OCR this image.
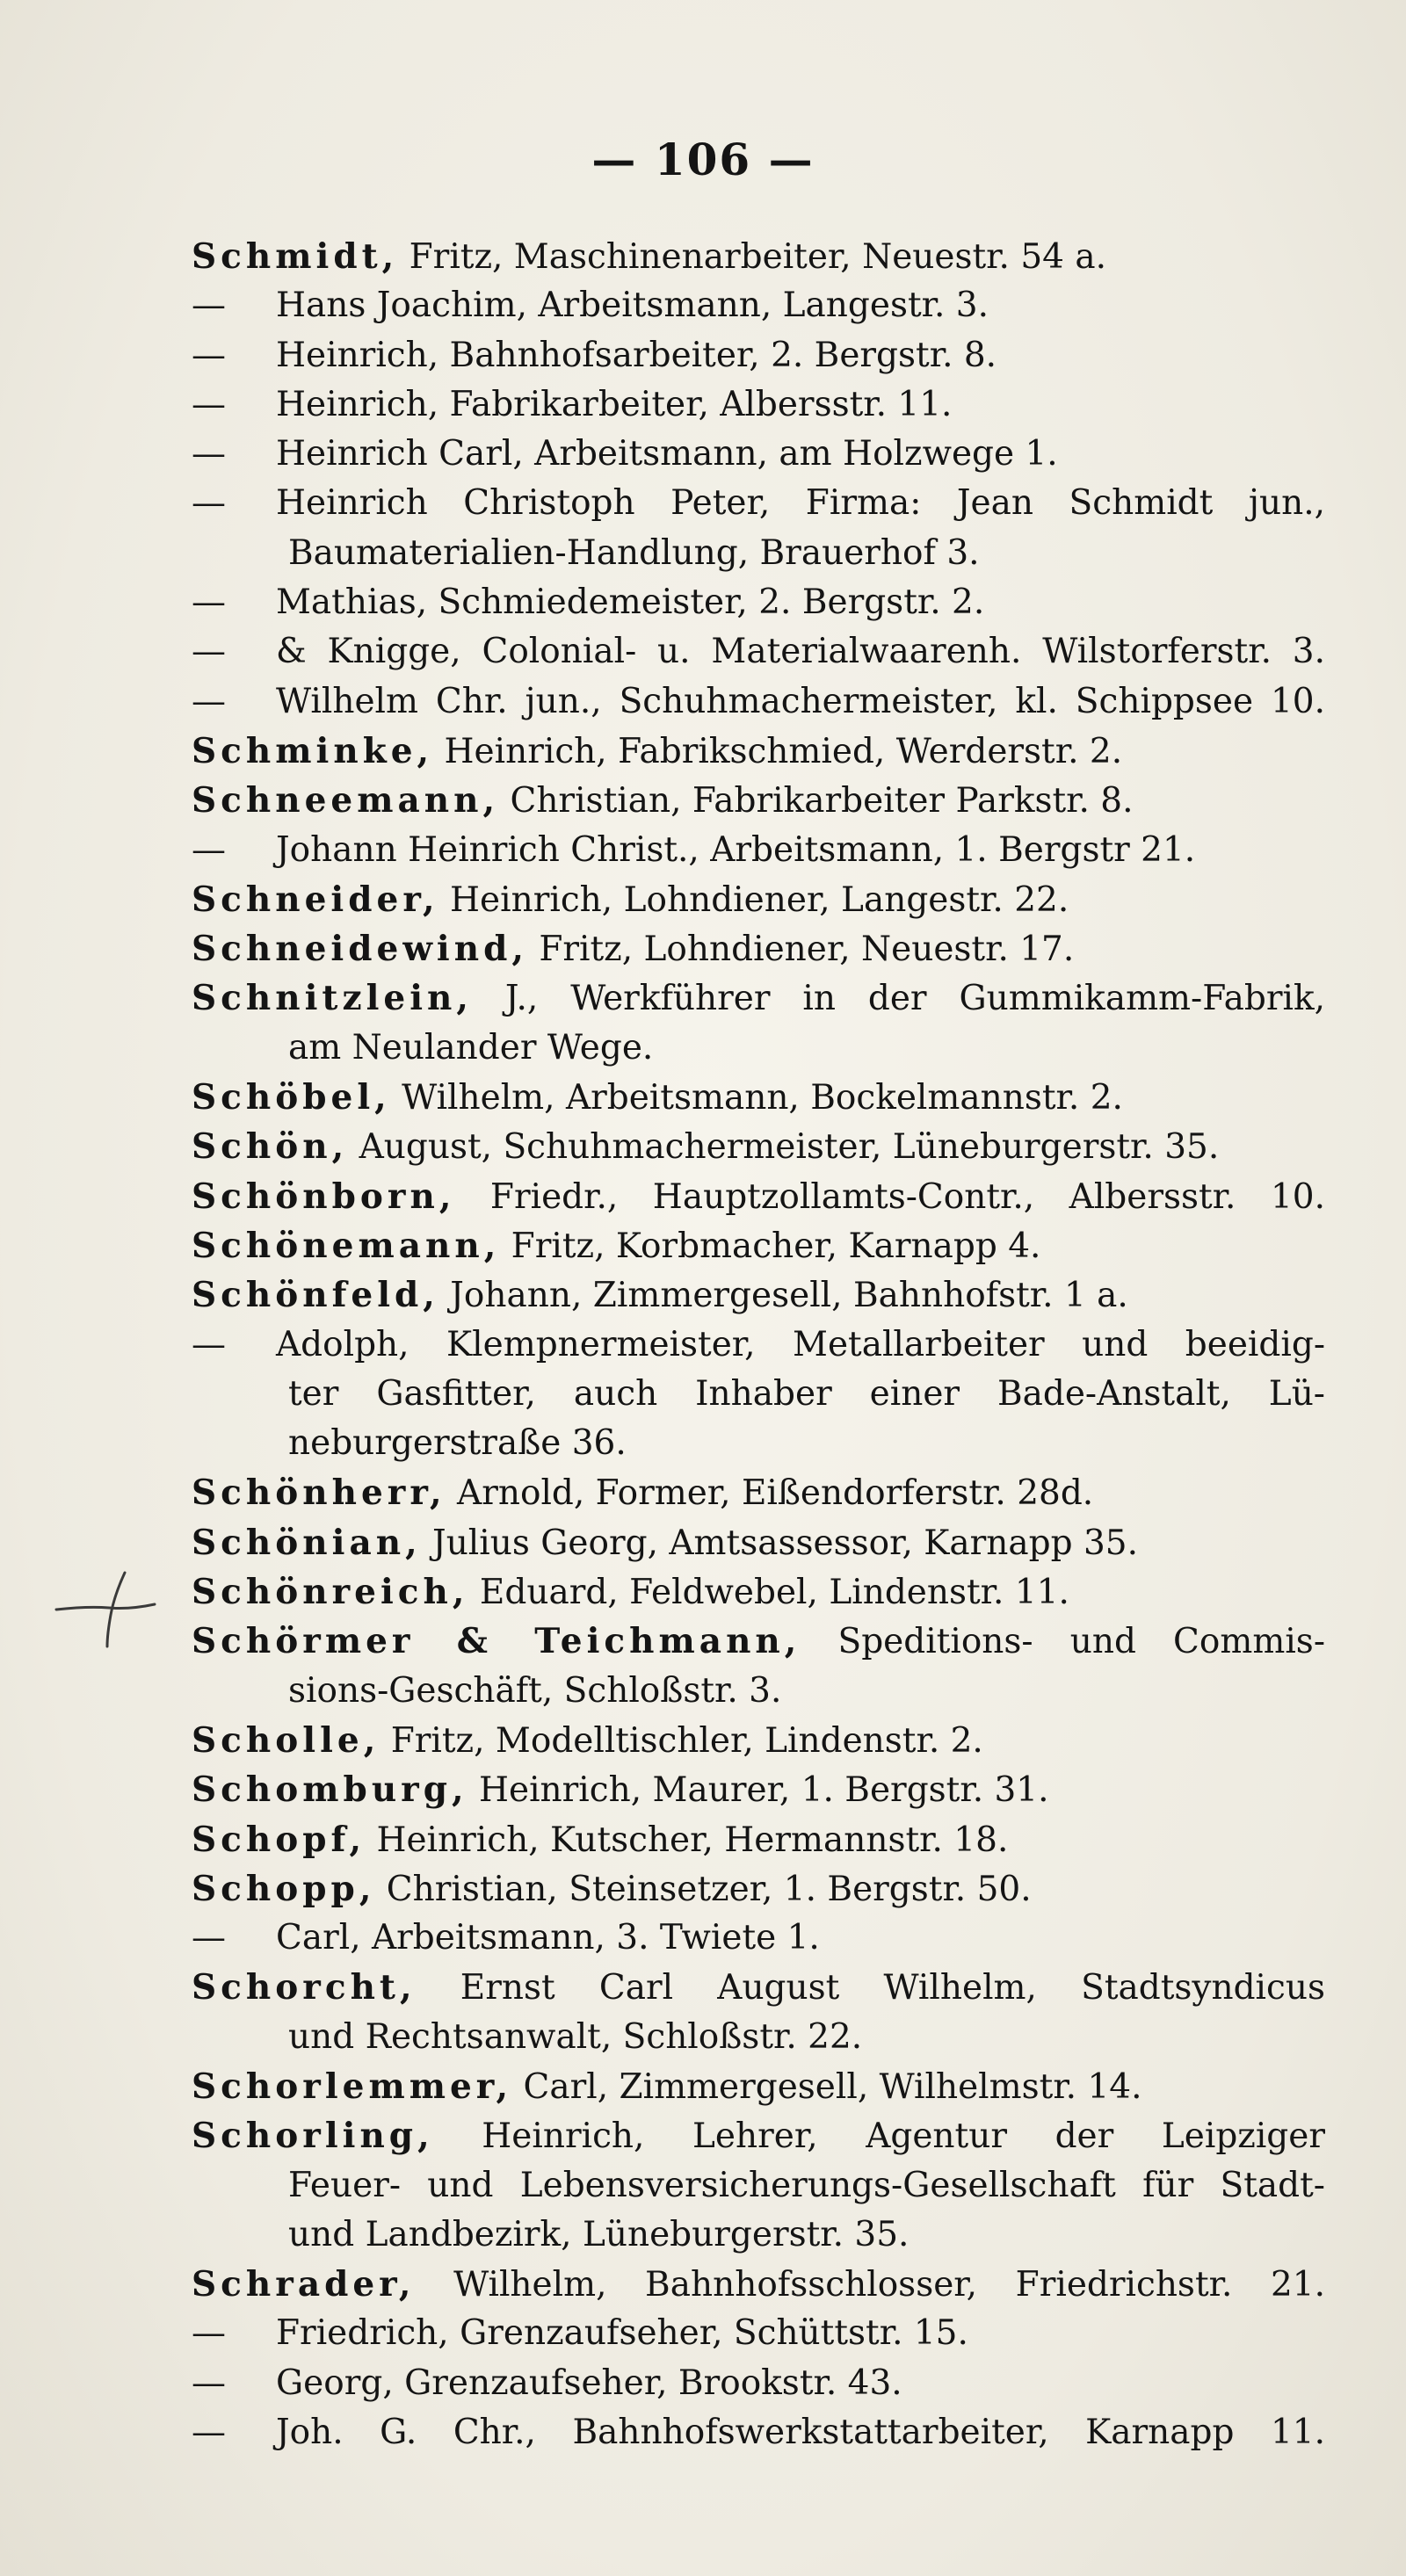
— 106 —
Schmidt, Fritz, Maschinenarbeiter, Neuestr. 54 a.
— Hans Joachim, Arbeitsmann, Langestr. 3.
— Heinrich, Bahnhofsarbeiter, 2. Bergstr. 8.
— Heinrich, Fabrikarbeiter, Albersstr. 11.
— Heinrich Carl, Arbeitsmann, am Holzwege 1.
— Heinrich Christoph Peter, Firma: Jean Schmidt jun.,
Baumaterialien-Handlung, Brauerhof 3.
— Mathias, Schmiedemeister, 2. Bergstr. 2.
— & Knigge, Colonial- u. Materialwaarenh. Wilstorferstr. 3.
— Wilhelm Chr. jun., Schuhmachermeister, kl. Schippsee 10.
Schminke, Heinrich, Fabrikschmied, Werderstr. 2.
Schneemann, Christian, Fabrikarbeiter Parkstr. 8.
— Johann Heinrich Christ., Arbeitsmann, 1. Bergstr 21.
Schneider, Heinrich, Lohndiener, Langestr. 22.
Schneidewind, Fritz, Lohndiener, Neuestr. 17.
Schnitzlein, J., Werkführer in der Gummikamm-Fabrik,
am Neulander Wege.
Schöbel, Wilhelm, Arbeitsmann, Bockelmannstr. 2.
Schön, August, Schuhmachermeister, Lüneburgerstr. 35.
Schönborn, Friedr., Hauptzollamts-Contr., Albersstr. 10.
Schönemann, Fritz, Korbmacher, Karnapp 4.
Schönfeld, Johann, Zimmergesell, Bahnhofstr. 1 a.
— Adolph, Klempnermeister, Metallarbeiter und beeidig-
ter Gasfitter, auch Inhaber einer Bade-Anstalt, Lü-
neburgerstraße 36.
Schönherr, Arnold, Former, Eißendorferstr. 28d.
Schönian, Julius Georg, Amtsassessor, Karnapp 35.
Schönreich, Eduard, Feldwebel, Lindenstr. 11.
Schörmer & Teichmann, Speditions- und Commis-
sions-Geschäft, Schloßstr. 3.
Scholle, Fritz, Modelltischler, Lindenstr. 2.
Schomburg, Heinrich, Maurer, 1. Bergstr. 31.
Schopf, Heinrich, Kutscher, Hermannstr. 18.
Schopp, Christian, Steinsetzer, 1. Bergstr. 50.
— Carl, Arbeitsmann, 3. Twiete 1.
Schorcht, Ernst Carl August Wilhelm, Stadtsyndicus
und Rechtsanwalt, Schloßstr. 22.
Schorlemmer, Carl, Zimmergesell, Wilhelmstr. 14.
Schorling, Heinrich, Lehrer, Agentur der Leipziger
Feuer- und Lebensversicherungs-Gesellschaft für Stadt-
und Landbezirk, Lüneburgerstr. 35.
Schrader, Wilhelm, Bahnhofsschlosser, Friedrichstr. 21.
— Friedrich, Grenzaufseher, Schüttstr. 15.
— Georg, Grenzaufseher, Brookstr. 43.
— Joh. G. Chr., Bahnhofswerkstattarbeiter, Karnapp 11.
